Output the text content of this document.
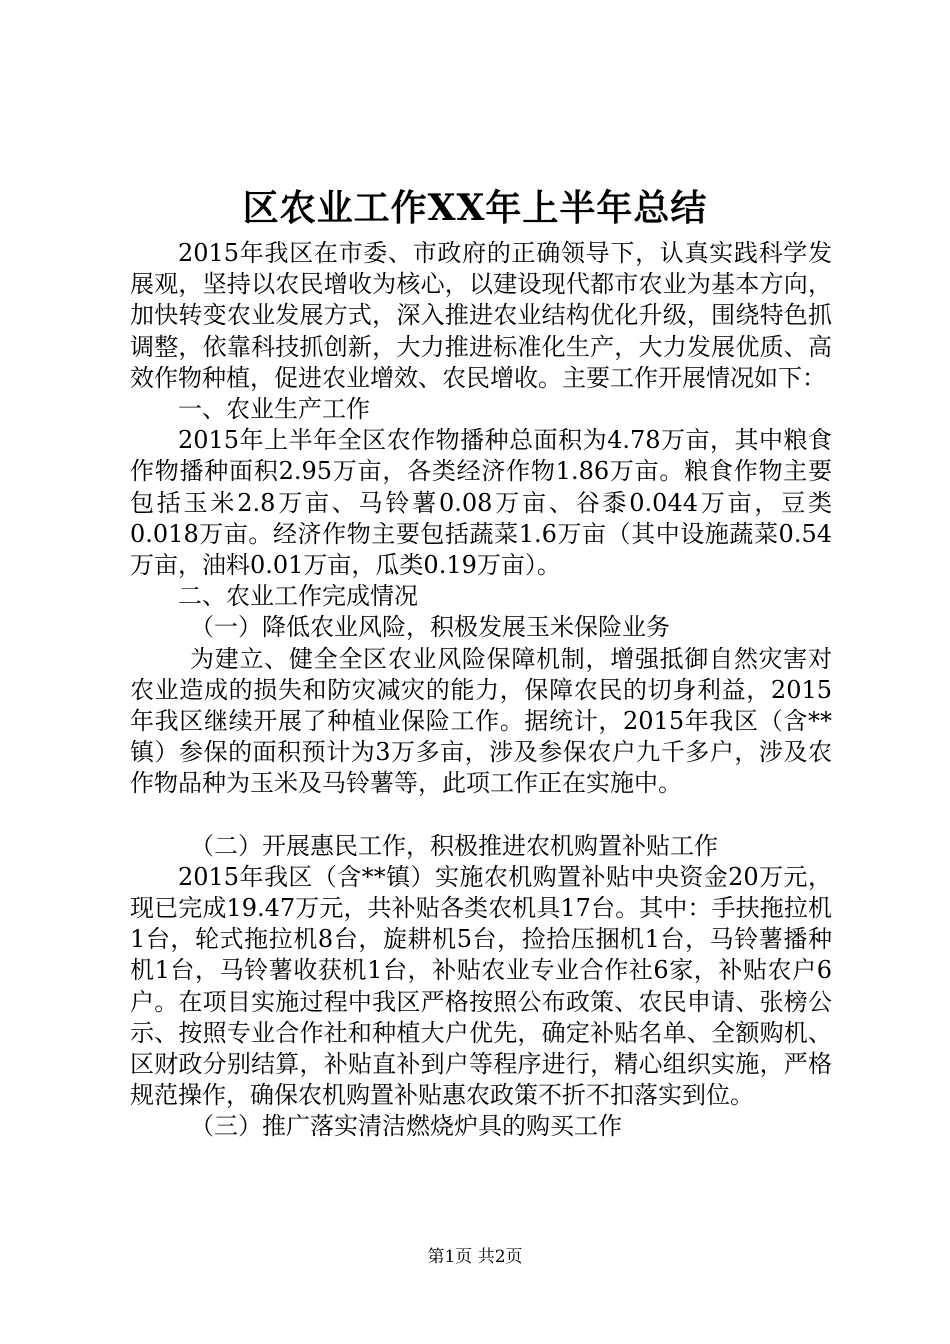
区农业工作XX年上半年总结

2015年我区在市委、市政府的正确领导下，认真实践科学发展观，坚持以农民增收为核心，以建设现代都市农业为基本方向，加快转变农业发展方式，深入推进农业结构优化升级，围绕特色抓调整，依靠科技抓创新，大力推进标准化生产，大力发展优质、高效作物种植，促进农业增效、农民增收。主要工作开展情况如下：

一、农业生产工作

2015年上半年全区农作物播种总面积为4.78万亩，其中粮食作物播种面积2.95万亩，各类经济作物1.86万亩。粮食作物主要包括玉米2.8万亩、马铃薯0.08万亩、谷黍0.044万亩，豆类0.018万亩。经济作物主要包括蔬菜1.6万亩（其中设施蔬菜0.54万亩，油料0.01万亩，瓜类0.19万亩）。

二、农业工作完成情况

（一）降低农业风险，积极发展玉米保险业务

为建立、健全全区农业风险保障机制，增强抵御自然灾害对农业造成的损失和防灾减灾的能力，保障农民的切身利益，2015年我区继续开展了种植业保险工作。据统计，2015年我区（含**镇）参保的面积预计为3万多亩，涉及参保农户九千多户，涉及农作物品种为玉米及马铃薯等，此项工作正在实施中。

（二）开展惠民工作，积极推进农机购置补贴工作

2015年我区（含**镇）实施农机购置补贴中央资金20万元，现已完成19.47万元，共补贴各类农机具17台。其中：手扶拖拉机1台，轮式拖拉机8台，旋耕机5台，捡拾压捆机1台，马铃薯播种机1台，马铃薯收获机1台，补贴农业专业合作社6家，补贴农户6户。在项目实施过程中我区严格按照公布政策、农民申请、张榜公示、按照专业合作社和种植大户优先，确定补贴名单、全额购机、区财政分别结算，补贴直补到户等程序进行，精心组织实施，严格规范操作，确保农机购置补贴惠农政策不折不扣落实到位。

（三）推广落实清洁燃烧炉具的购买工作

第1页 共2页
